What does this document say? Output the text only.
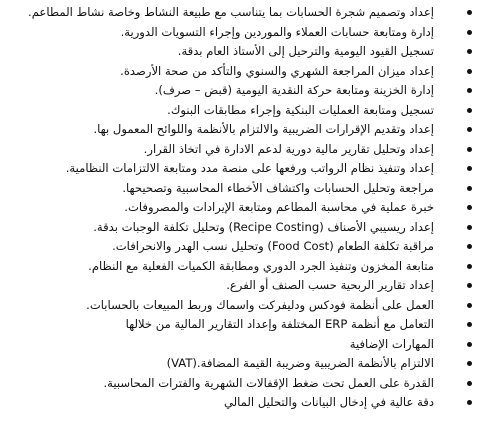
إعداد وتصميم شجرة الحسابات بما يتناسب مع طبيعة النشاط وخاصة نشاط المطاعم.
إدارة ومتابعة حسابات العملاء والموردين وإجراء التسويات الدورية.
تسجيل القيود اليومية والترحيل إلى الأستاذ العام بدقة.
إعداد ميزان المراجعة الشهري والسنوي والتأكد من صحة الأرصدة.
إدارة الخزينة ومتابعة حركة النقدية اليومية (قبض – صرف).
تسجيل ومتابعة العمليات البنكية وإجراء مطابقات البنوك.
إعداد وتقديم الإقرارات الضريبية والالتزام بالأنظمة واللوائح المعمول بها.
إعداد وتحليل تقارير مالية دورية لدعم الادارة في اتخاذ القرار.
إعداد وتنفيذ نظام الرواتب ورفعها على منصة مدد ومتابعة الالتزامات النظامية.
مراجعة وتحليل الحسابات واكتشاف الأخطاء المحاسبية وتصحيحها.
خبرة عملية في محاسبة المطاعم ومتابعة الإيرادات والمصروفات.
إعداد ريسيبي الأصناف (Recipe Costing) وتحليل تكلفة الوجبات بدقة.
مراقبة تكلفة الطعام (Food Cost) وتحليل نسب الهدر والانحرافات.
متابعة المخزون وتنفيذ الجرد الدوري ومطابقة الكميات الفعلية مع النظام.
إعداد تقارير الربحية حسب الصنف أو الفرع.
العمل على أنظمة فودكس ودليفركت واسماك وربط المبيعات بالحسابات.
التعامل مع أنظمة ERP المختلفة وإعداد التقارير المالية من خلالها
المهارات الإضافية
الالتزام بالأنظمة الضريبية وضريبة القيمة المضافة.(VAT)
القدرة على العمل تحت ضغط الإقفالات الشهرية والفترات المحاسبية.
دقة عالية في إدخال البيانات والتحليل المالي
